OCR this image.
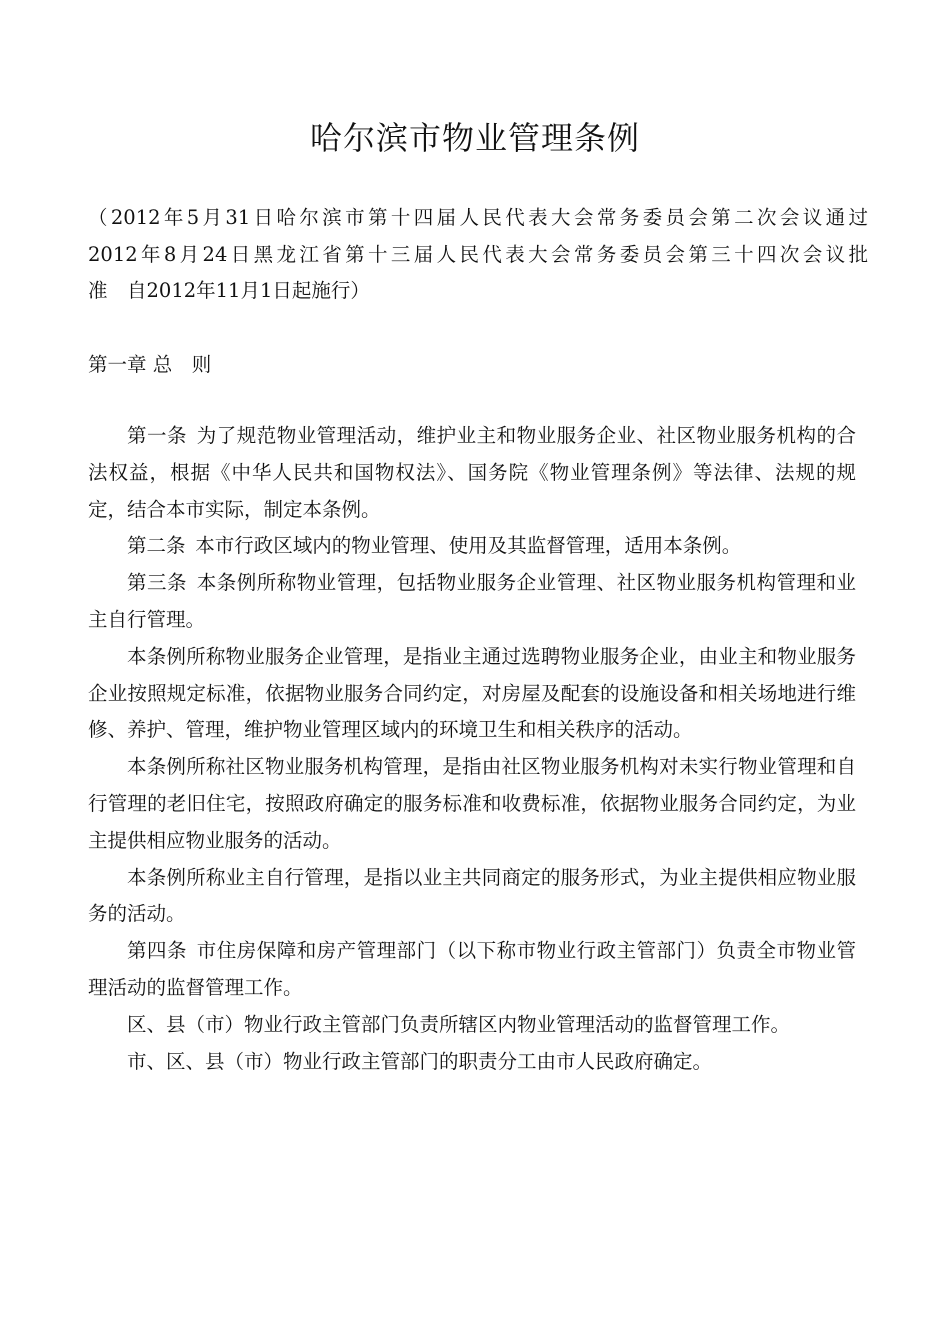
哈尔滨市物业管理条例
（2012年5月31日哈尔滨市第十四届人民代表大会常务委员会第二次会议通过
2012年8月24日黑龙江省第十三届人民代表大会常务委员会第三十四次会议批
准　自2012年11月1日起施行）
第一章 总　则

第一条 为了规范物业管理活动，维护业主和物业服务企业、社区物业服务机构的合法权益，根据《中华人民共和国物权法》、国务院《物业管理条例》等法律、法规的规定，结合本市实际，制定本条例。

第二条 本市行政区域内的物业管理、使用及其监督管理，适用本条例。

第三条 本条例所称物业管理，包括物业服务企业管理、社区物业服务机构管理和业主自行管理。

本条例所称物业服务企业管理，是指业主通过选聘物业服务企业，由业主和物业服务企业按照规定标准，依据物业服务合同约定，对房屋及配套的设施设备和相关场地进行维修、养护、管理，维护物业管理区域内的环境卫生和相关秩序的活动。

本条例所称社区物业服务机构管理，是指由社区物业服务机构对未实行物业管理和自行管理的老旧住宅，按照政府确定的服务标准和收费标准，依据物业服务合同约定，为业主提供相应物业服务的活动。

本条例所称业主自行管理，是指以业主共同商定的服务形式，为业主提供相应物业服务的活动。

第四条 市住房保障和房产管理部门（以下称市物业行政主管部门）负责全市物业管理活动的监督管理工作。

区、县（市）物业行政主管部门负责所辖区内物业管理活动的监督管理工作。

市、区、县（市）物业行政主管部门的职责分工由市人民政府确定。
